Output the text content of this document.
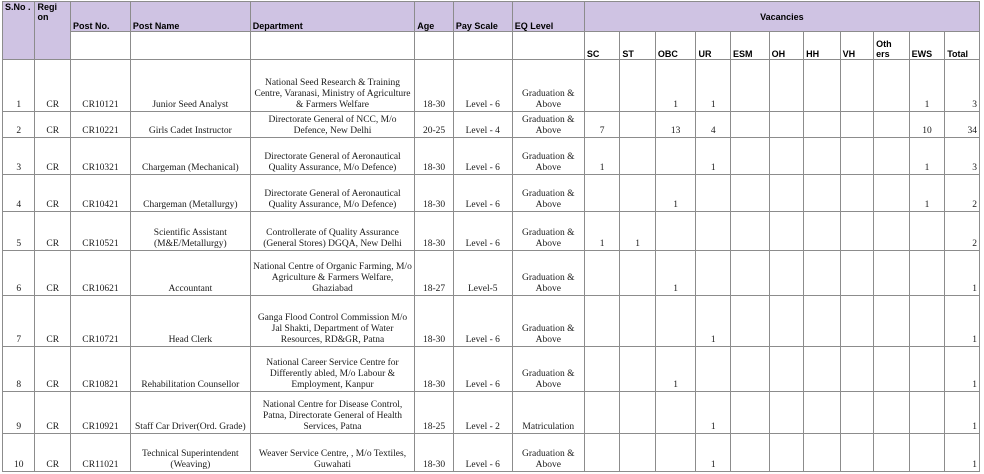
S.No .	Regi on	Post No.	Post Name	Department	Age	Pay Scale	EQ Level	Vacancies										
								SC	ST	OBC	UR	ESM	OH	HH	VH	Oth ers	EWS	Total
1	CR	CR10121	Junior Seed Analyst	National Seed Research & Training Centre, Varanasi, Ministry of Agriculture & Farmers Welfare	18-30	Level - 6	Graduation & Above			1	1						1	3
2	CR	CR10221	Girls Cadet Instructor	Directorate General of NCC, M/o Defence, New Delhi	20-25	Level - 4	Graduation & Above	7		13	4						10	34
3	CR	CR10321	Chargeman (Mechanical)	Directorate General of Aeronautical Quality Assurance, M/o Defence)	18-30	Level - 6	Graduation & Above	1			1						1	3
4	CR	CR10421	Chargeman (Metallurgy)	Directorate General of Aeronautical Quality Assurance, M/o Defence)	18-30	Level - 6	Graduation & Above			1							1	2
5	CR	CR10521	Scientific Assistant (M&E/Metallurgy)	Controllerate of Quality Assurance (General Stores) DGQA, New Delhi	18-30	Level - 6	Graduation & Above	1	1									2
6	CR	CR10621	Accountant	National Centre of Organic Farming, M/o Agriculture & Farmers Welfare, Ghaziabad	18-27	Level-5	Graduation & Above			1								1
7	CR	CR10721	Head Clerk	Ganga Flood Control Commission M/o Jal Shakti, Department of Water Resources, RD&GR, Patna	18-30	Level - 6	Graduation & Above				1							1
8	CR	CR10821	Rehabilitation Counsellor	National Career Service Centre for Differently abled, M/o Labour & Employment, Kanpur	18-30	Level - 6	Graduation & Above			1								1
9	CR	CR10921	Staff Car Driver(Ord. Grade)	National Centre for Disease Control, Patna, Directorate General of Health Services, Patna	18-25	Level - 2	Matriculation				1							1
10	CR	CR11021	Technical Superintendent (Weaving)	Weaver Service Centre, , M/o Textiles, Guwahati	18-30	Level - 6	Graduation & Above				1							1
